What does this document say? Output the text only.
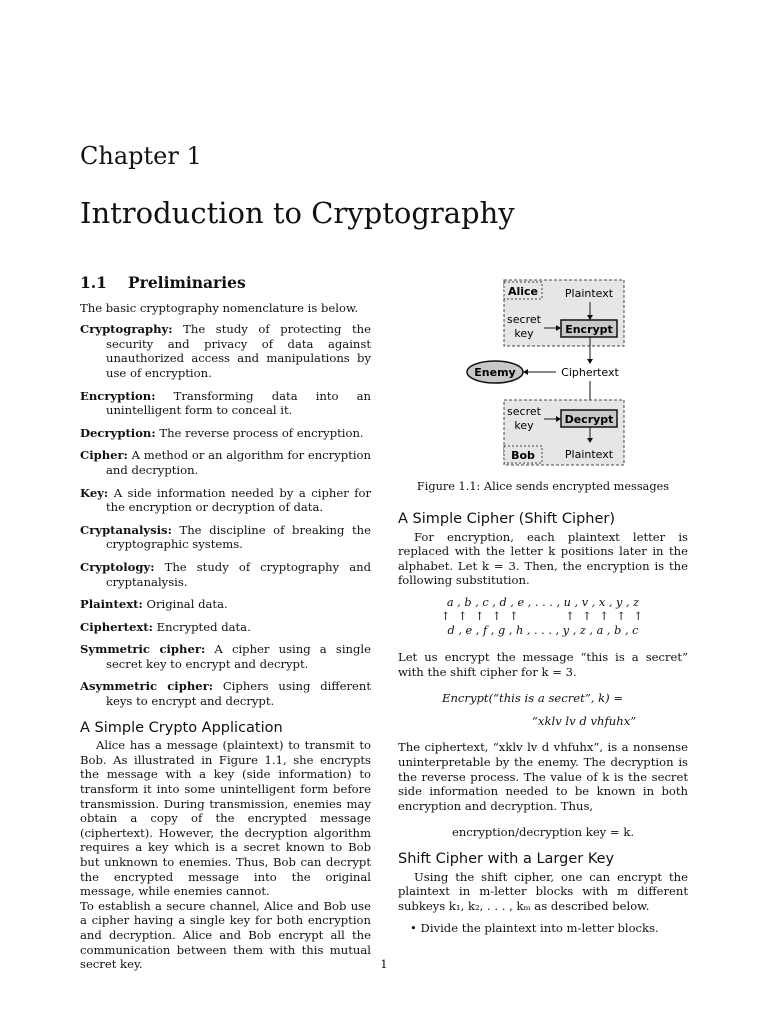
Chapter 1
Introduction to Cryptography
1.1 Preliminaries

The basic cryptography nomenclature is below.

Cryptography: The study of protecting the security and privacy of data against unauthorized access and manipulations by use of encryption.

Encryption: Transforming data into an unintelligent form to conceal it.

Decryption: The reverse process of encryption.

Cipher: A method or an algorithm for encryption and decryption.

Key: A side information needed by a cipher for the encryption or decryption of data.

Cryptanalysis: The discipline of breaking the cryptographic systems.

Cryptology: The study of cryptography and cryptanalysis.

Plaintext: Original data.

Ciphertext: Encrypted data.

Symmetric cipher: A cipher using a single secret key to encrypt and decrypt.

Asymmetric cipher: Ciphers using different keys to encrypt and decrypt.

A Simple Crypto Application

Alice has a message (plaintext) to transmit to Bob. As illustrated in Figure 1.1, she encrypts the message with a key (side information) to transform it into some unintelligent form before transmission. During transmission, enemies may obtain a copy of the encrypted message (ciphertext). However, the decryption algorithm requires a key which is a secret known to Bob but unknown to enemies. Thus, Bob can decrypt the encrypted message into the original message, while enemies cannot.

To establish a secure channel, Alice and Bob use a cipher having a single key for both encryption and decryption. Alice and Bob encrypt all the communication between them with this mutual secret key.

Alice Plaintext
secret
key	Encrypt
Enemy	Ciphertext
secret
key	Decrypt
Bob	Plaintext
Figure 1.1: Alice sends encrypted messages
A Simple Cipher (Shift Cipher)

For encryption, each plaintext letter is replaced with the letter k positions later in the alphabet. Let k = 3. Then, the encryption is the following substitution.

a , b , c , d , e , . . . , u , v , x , y , z
↑ ↑ ↑ ↑ ↑        ↑ ↑ ↑ ↑ ↑
d , e , f , g , h , . . . , y , z , a , b , c

Let us encrypt the message “this is a secret” with the shift cipher for k = 3.

Encrypt(“this is a secret”, k) =
“xklv lv d vhfuhx”

The ciphertext, “xklv lv d vhfuhx”, is a nonsense uninterpretable by the enemy. The decryption is the reverse process. The value of k is the secret side information needed to be known in both encryption and decryption. Thus,

encryption/decryption key = k.
Shift Cipher with a Larger Key

Using the shift cipher, one can encrypt the plaintext in m-letter blocks with m different subkeys k₁, k₂, . . . , kₘ as described below.

• Divide the plaintext into m-letter blocks.
1
